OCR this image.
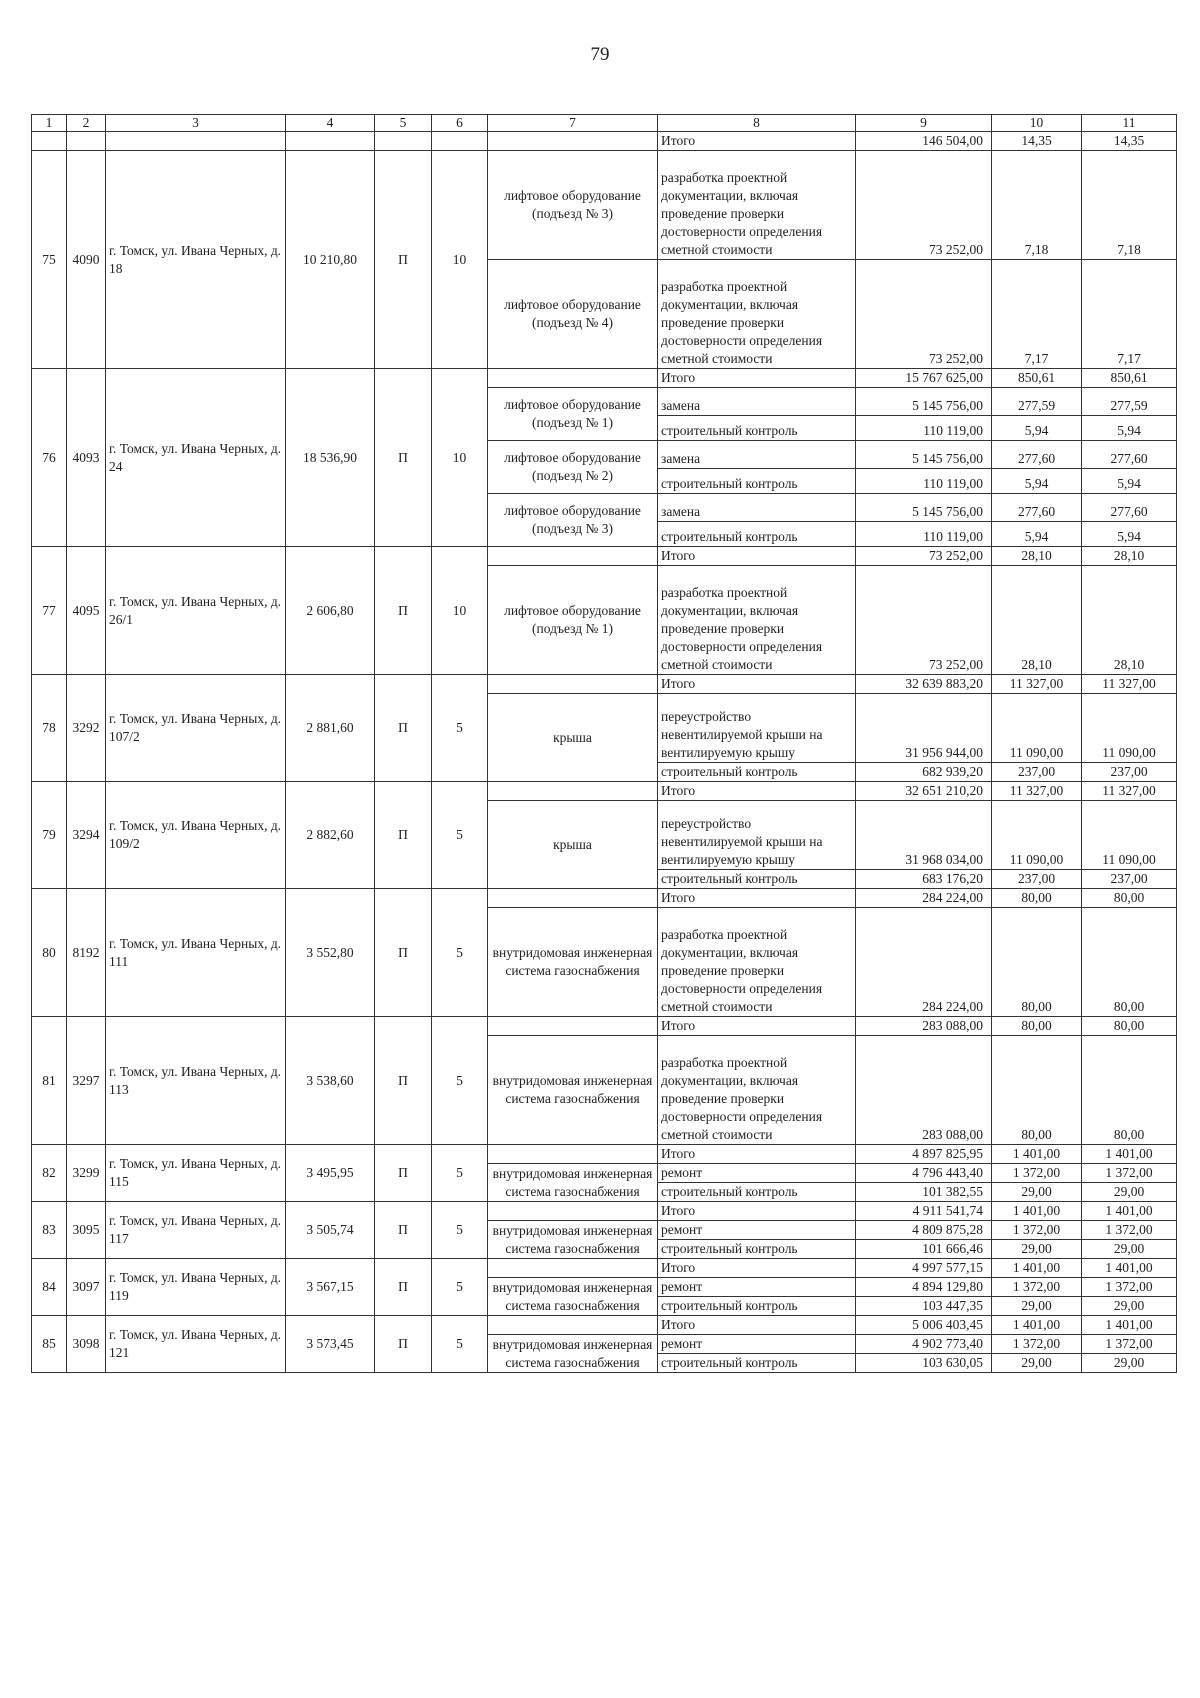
79
1	2	3	4	5	6	7	8	9	10	11
							Итого	146 504,00	14,35	14,35
75	4090	г. Томск, ул. Ивана Черных, д. 18	10 210,80	П	10	лифтовое оборудование (подъезд № 3)	разработка проектной документации, включая проведение проверки достоверности определения сметной стоимости	73 252,00	7,18	7,18
						лифтовое оборудование (подъезд № 4)	разработка проектной документации, включая проведение проверки достоверности определения сметной стоимости	73 252,00	7,17	7,17
76	4093	г. Томск, ул. Ивана Черных, д. 24	18 536,90	П	10		Итого	15 767 625,00	850,61	850,61
						лифтовое оборудование (подъезд № 1)	замена	5 145 756,00	277,59	277,59
							строительный контроль	110 119,00	5,94	5,94
						лифтовое оборудование (подъезд № 2)	замена	5 145 756,00	277,60	277,60
							строительный контроль	110 119,00	5,94	5,94
						лифтовое оборудование (подъезд № 3)	замена	5 145 756,00	277,60	277,60
							строительный контроль	110 119,00	5,94	5,94
77	4095	г. Томск, ул. Ивана Черных, д. 26/1	2 606,80	П	10		Итого	73 252,00	28,10	28,10
						лифтовое оборудование (подъезд № 1)	разработка проектной документации, включая проведение проверки достоверности определения сметной стоимости	73 252,00	28,10	28,10
78	3292	г. Томск, ул. Ивана Черных, д. 107/2	2 881,60	П	5		Итого	32 639 883,20	11 327,00	11 327,00
						крыша	переустройство невентилируемой крыши на вентилируемую крышу	31 956 944,00	11 090,00	11 090,00
							строительный контроль	682 939,20	237,00	237,00
79	3294	г. Томск, ул. Ивана Черных, д. 109/2	2 882,60	П	5		Итого	32 651 210,20	11 327,00	11 327,00
						крыша	переустройство невентилируемой крыши на вентилируемую крышу	31 968 034,00	11 090,00	11 090,00
							строительный контроль	683 176,20	237,00	237,00
80	8192	г. Томск, ул. Ивана Черных, д. 111	3 552,80	П	5		Итого	284 224,00	80,00	80,00
						внутридомовая инженерная система газоснабжения	разработка проектной документации, включая проведение проверки достоверности определения сметной стоимости	284 224,00	80,00	80,00
81	3297	г. Томск, ул. Ивана Черных, д. 113	3 538,60	П	5		Итого	283 088,00	80,00	80,00
						внутридомовая инженерная система газоснабжения	разработка проектной документации, включая проведение проверки достоверности определения сметной стоимости	283 088,00	80,00	80,00
82	3299	г. Томск, ул. Ивана Черных, д. 115	3 495,95	П	5		Итого	4 897 825,95	1 401,00	1 401,00
						внутридомовая инженерная система газоснабжения	ремонт	4 796 443,40	1 372,00	1 372,00
							строительный контроль	101 382,55	29,00	29,00
83	3095	г. Томск, ул. Ивана Черных, д. 117	3 505,74	П	5		Итого	4 911 541,74	1 401,00	1 401,00
						внутридомовая инженерная система газоснабжения	ремонт	4 809 875,28	1 372,00	1 372,00
							строительный контроль	101 666,46	29,00	29,00
84	3097	г. Томск, ул. Ивана Черных, д. 119	3 567,15	П	5		Итого	4 997 577,15	1 401,00	1 401,00
						внутридомовая инженерная система газоснабжения	ремонт	4 894 129,80	1 372,00	1 372,00
							строительный контроль	103 447,35	29,00	29,00
85	3098	г. Томск, ул. Ивана Черных, д. 121	3 573,45	П	5		Итого	5 006 403,45	1 401,00	1 401,00
						внутридомовая инженерная система газоснабжения	ремонт	4 902 773,40	1 372,00	1 372,00
							строительный контроль	103 630,05	29,00	29,00
